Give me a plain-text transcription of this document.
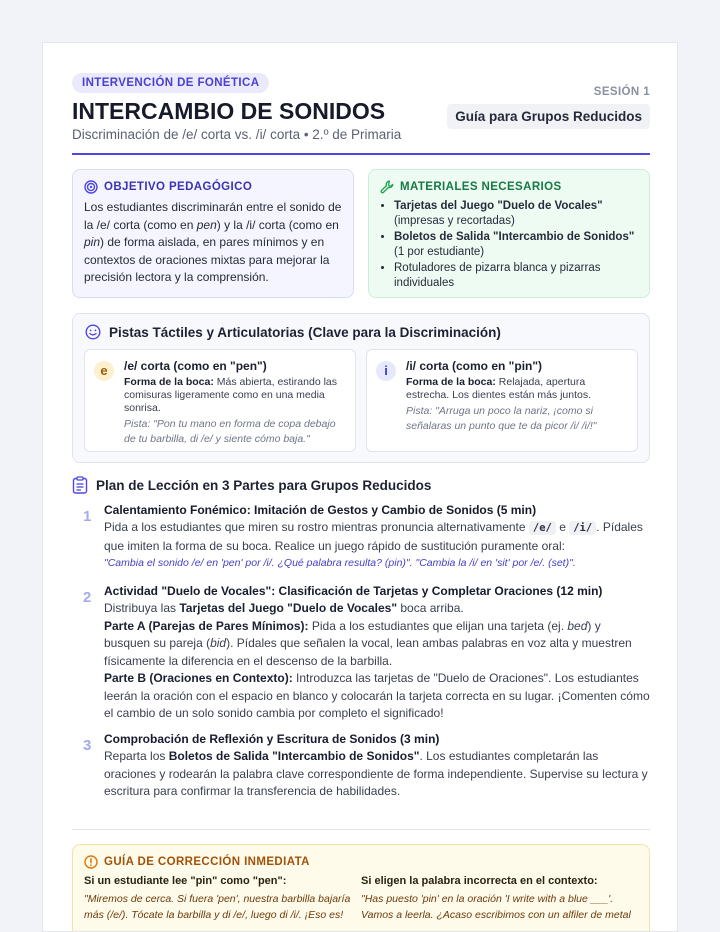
INTERVENCIÓN DE FONÉTICA
SESIÓN 1
INTERCAMBIO DE SONIDOS
Discriminación de /e/ corta vs. /i/ corta • 2.º de Primaria
Guía para Grupos Reducidos
OBJETIVO PEDAGÓGICO

Los estudiantes discriminarán entre el sonido de la /e/ corta (como en pen) y la /i/ corta (como en pin) de forma aislada, en pares mínimos y en contextos de oraciones mixtas para mejorar la precisión lectora y la comprensión.

MATERIALES NECESARIOS
• Tarjetas del Juego "Duelo de Vocales" (impresas y recortadas)
• Boletos de Salida "Intercambio de Sonidos" (1 por estudiante)
• Rotuladores de pizarra blanca y pizarras individuales
Pistas Táctiles y Articulatorias (Clave para la Discriminación)
e	/e/ corta (como en "pen")
Forma de la boca: Más abierta, estirando las comisuras ligeramente como en una media sonrisa.
Pista: "Pon tu mano en forma de copa debajo de tu barbilla, di /e/ y siente cómo baja."
i	/i/ corta (como en "pin")
Forma de la boca: Relajada, apertura estrecha. Los dientes están más juntos.
Pista: "Arruga un poco la nariz, ¡como si señalaras un punto que te da picor /i/ /i/!"
Plan de Lección en 3 Partes para Grupos Reducidos
1 Calentamiento Fonémico: Imitación de Gestos y Cambio de Sonidos (5 min)

Pida a los estudiantes que miren su rostro mientras pronuncia alternativamente /e/ e /i/ . Pídales que imiten la forma de su boca. Realice un juego rápido de sustitución puramente oral:

"Cambia el sonido /e/ en 'pen' por /i/. ¿Qué palabra resulta? (pin)". "Cambia la /i/ en 'sit' por /e/. (set)".
2 Actividad "Duelo de Vocales": Clasificación de Tarjetas y Completar Oraciones (12 min)

Distribuya las Tarjetas del Juego "Duelo de Vocales" boca arriba.

Parte A (Parejas de Pares Mínimos): Pida a los estudiantes que elijan una tarjeta (ej. bed) y busquen su pareja (bid). Pídales que señalen la vocal, lean ambas palabras en voz alta y muestren físicamente la diferencia en el descenso de la barbilla.

Parte B (Oraciones en Contexto): Introduzca las tarjetas de "Duelo de Oraciones". Los estudiantes leerán la oración con el espacio en blanco y colocarán la tarjeta correcta en su lugar. ¡Comenten cómo el cambio de un solo sonido cambia por completo el significado!

3 Comprobación de Reflexión y Escritura de Sonidos (3 min)

Reparta los Boletos de Salida "Intercambio de Sonidos". Los estudiantes completarán las oraciones y rodearán la palabra clave correspondiente de forma independiente. Supervise su lectura y escritura para confirmar la transferencia de habilidades.

GUÍA DE CORRECCIÓN INMEDIATA
Si un estudiante lee "pin" como "pen":
"Miremos de cerca. Si fuera 'pen', nuestra barbilla bajaría más (/e/). Tócate la barbilla y di /e/, luego di /i/. ¡Eso es!
Si eligen la palabra incorrecta en el contexto:
"Has puesto 'pin' en la oración 'I write with a blue ___'. Vamos a leerla. ¿Acaso escribimos con un alfiler de metal
